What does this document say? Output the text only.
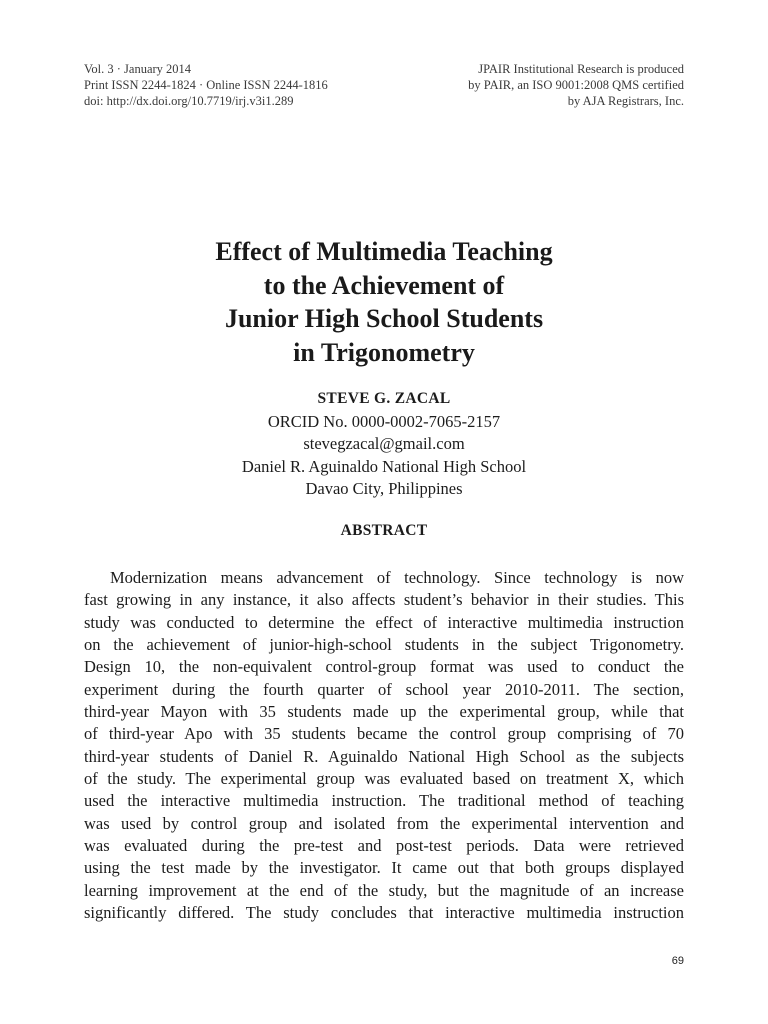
Vol. 3 · January 2014
Print ISSN 2244-1824 · Online ISSN 2244-1816
doi: http://dx.doi.org/10.7719/irj.v3i1.289
JPAIR Institutional Research is produced
by PAIR, an ISO 9001:2008 QMS certified
by AJA Registrars, Inc.
Effect of Multimedia Teaching
to the Achievement of
Junior High School Students
in Trigonometry
STEVE G. ZACAL
ORCID No. 0000-0002-7065-2157
stevegzacal@gmail.com
Daniel R. Aguinaldo National High School
Davao City, Philippines
ABSTRACT
Modernization means advancement of technology. Since technology is now
fast growing in any instance, it also affects student’s behavior in their studies. This
study was conducted to determine the effect of interactive multimedia instruction
on the achievement of junior-high-school students in the subject Trigonometry.
Design 10, the non-equivalent control-group format was used to conduct the
experiment during the fourth quarter of school year 2010-2011. The section,
third-year Mayon with 35 students made up the experimental group, while that
of third-year Apo with 35 students became the control group comprising of 70
third-year students of Daniel R. Aguinaldo National High School as the subjects
of the study. The experimental group was evaluated based on treatment X, which
used the interactive multimedia instruction. The traditional method of teaching
was used by control group and isolated from the experimental intervention and
was evaluated during the pre-test and post-test periods. Data were retrieved
using the test made by the investigator. It came out that both groups displayed
learning improvement at the end of the study, but the magnitude of an increase
significantly differed. The study concludes that interactive multimedia instruction
69
